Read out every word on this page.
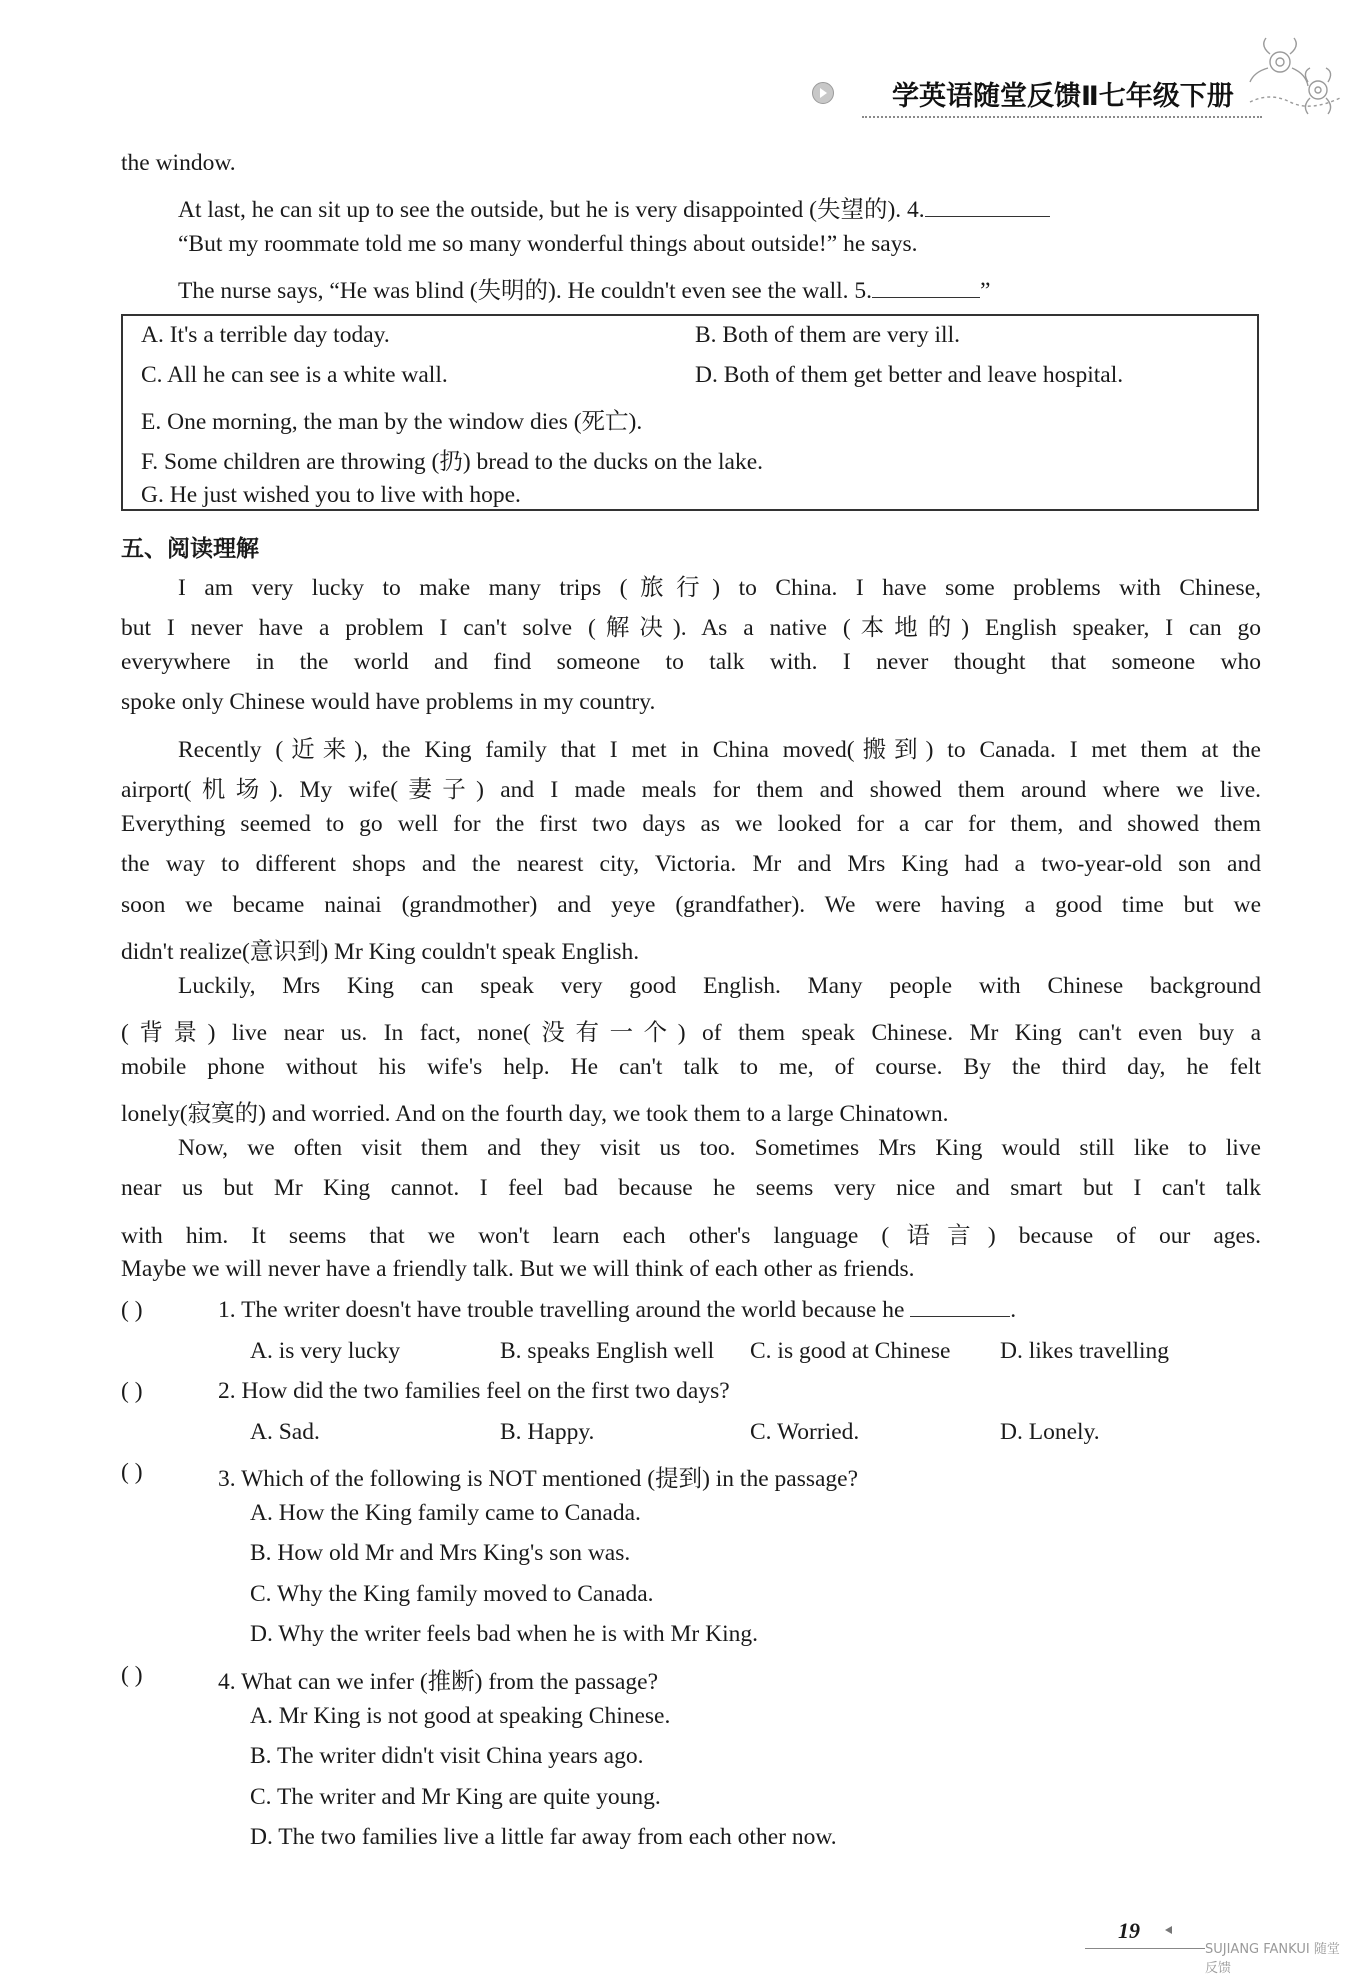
学英语随堂反馈Ⅱ七年级下册
the window.
At last, he can sit up to see the outside, but he is very disappointed (失望的). 4.
“But my roommate told me so many wonderful things about outside!” he says.
The nurse says, “He was blind (失明的). He couldn't even see the wall. 5.	”
A. It's a terrible day today.	B. Both of them are very ill.
C. All he can see is a white wall.	D. Both of them get better and leave hospital.
E. One morning, the man by the window dies (死亡).
F. Some children are throwing (扔) bread to the ducks on the lake.
G. He just wished you to live with hope.
五、阅读理解
I am very lucky to make many trips (旅行) to China. I have some problems with Chinese,
but I never have a problem I can't solve (解决). As a native (本地的) English speaker, I can go
everywhere in the world and find someone to talk with. I never thought that someone who
spoke only Chinese would have problems in my country.
Recently (近来), the King family that I met in China moved(搬到) to Canada. I met them at the
airport(机场). My wife(妻子) and I made meals for them and showed them around where we live.
Everything seemed to go well for the first two days as we looked for a car for them, and showed them
the way to different shops and the nearest city, Victoria. Mr and Mrs King had a two-year-old son and
soon we became nainai (grandmother) and yeye (grandfather). We were having a good time but we
didn't realize(意识到) Mr King couldn't speak English.
Luckily, Mrs King can speak very good English. Many people with Chinese background
(背景) live near us. In fact, none(没有一个) of them speak Chinese. Mr King can't even buy a
mobile phone without his wife's help. He can't talk to me, of course. By the third day, he felt
lonely(寂寞的) and worried. And on the fourth day, we took them to a large Chinatown.
Now, we often visit them and they visit us too. Sometimes Mrs King would still like to live
near us but Mr King cannot. I feel bad because he seems very nice and smart but I can't talk
with him. It seems that we won't learn each other's language (语言) because of our ages.
Maybe we will never have a friendly talk. But we will think of each other as friends.
( )	1. The writer doesn't have trouble travelling around the world because he	.
A. is very lucky	B. speaks English well C. is good at Chinese D. likes travelling
( )	2. How did the two families feel on the first two days?
A. Sad.	B. Happy.	C. Worried.	D. Lonely.
( )	3. Which of the following is NOT mentioned (提到) in the passage?
A. How the King family came to Canada.
B. How old Mr and Mrs King's son was.
C. Why the King family moved to Canada.
D. Why the writer feels bad when he is with Mr King.
( )	4. What can we infer (推断) from the passage?
A. Mr King is not good at speaking Chinese.
B. The writer didn't visit China years ago.
C. The writer and Mr King are quite young.
D. The two families live a little far away from each other now.
19
SUJIANG FANKUI 随堂反馈
